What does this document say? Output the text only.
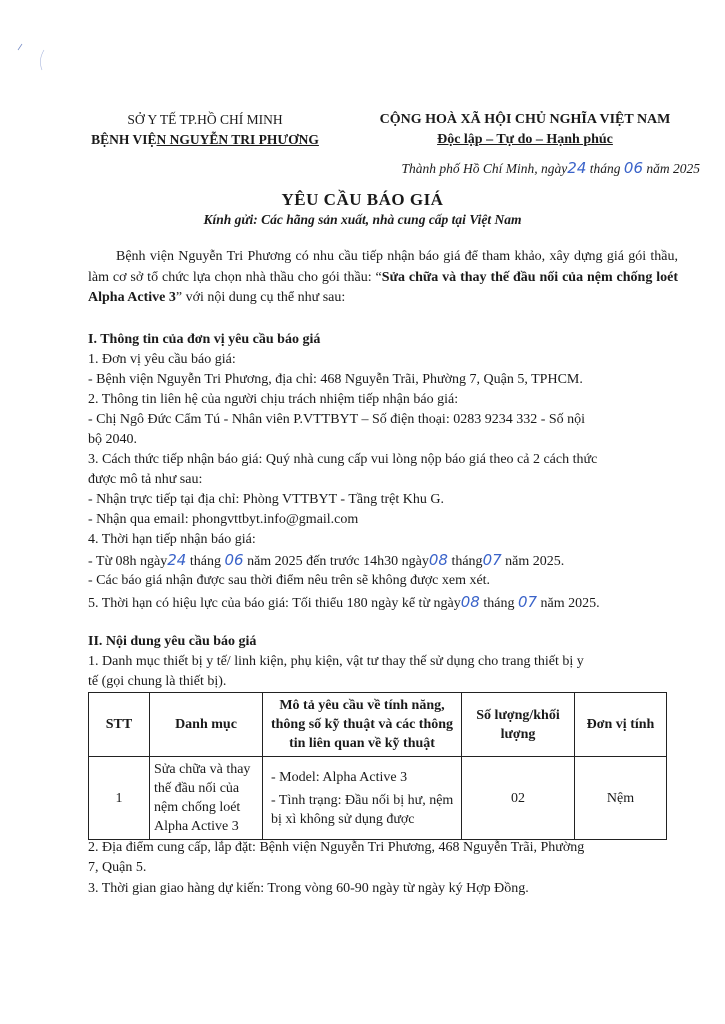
SỞ Y TẾ TP.HỒ CHÍ MINH
BỆNH VIỆN NGUYỄN TRI PHƯƠNG
CỘNG HOÀ XÃ HỘI CHỦ NGHĨA VIỆT NAM
Độc lập – Tự do – Hạnh phúc
Thành phố Hồ Chí Minh, ngày24 tháng 06 năm 2025
YÊU CẦU BÁO GIÁ
Kính gửi: Các hãng sản xuất, nhà cung cấp tại Việt Nam
Bệnh viện Nguyễn Tri Phương có nhu cầu tiếp nhận báo giá để tham khảo, xây dựng giá gói thầu, làm cơ sở tổ chức lựa chọn nhà thầu cho gói thầu: “Sửa chữa và thay thế đầu nối của nệm chống loét Alpha Active 3” với nội dung cụ thể như sau:
I. Thông tin của đơn vị yêu cầu báo giá
1. Đơn vị yêu cầu báo giá:
- Bệnh viện Nguyễn Tri Phương, địa chỉ: 468 Nguyễn Trãi, Phường 7, Quận 5, TPHCM.
2. Thông tin liên hệ của người chịu trách nhiệm tiếp nhận báo giá:
- Chị Ngô Đức Cẩm Tú - Nhân viên P.VTTBYT – Số điện thoại: 0283 9234 332 - Số nội
bộ 2040.
3. Cách thức tiếp nhận báo giá: Quý nhà cung cấp vui lòng nộp báo giá theo cả 2 cách thức
được mô tả như sau:
- Nhận trực tiếp tại địa chỉ: Phòng VTTBYT - Tầng trệt Khu G.
- Nhận qua email: phongvttbyt.info@gmail.com
4. Thời hạn tiếp nhận báo giá:
- Từ 08h ngày24 tháng 06 năm 2025 đến trước 14h30 ngày08 tháng07 năm 2025.
- Các báo giá nhận được sau thời điểm nêu trên sẽ không được xem xét.
5. Thời hạn có hiệu lực của báo giá: Tối thiểu 180 ngày kể từ ngày08 tháng 07 năm 2025.
II. Nội dung yêu cầu báo giá
1. Danh mục thiết bị y tế/ linh kiện, phụ kiện, vật tư thay thế sử dụng cho trang thiết bị y
tế (gọi chung là thiết bị).
STT	Danh mục	Mô tả yêu cầu về tính năng, thông số kỹ thuật và các thông tin liên quan về kỹ thuật	Số lượng/khối lượng	Đơn vị tính
1	Sửa chữa và thay thế đầu nối của nệm chống loét Alpha Active 3	- Model: Alpha Active 3
- Tình trạng: Đầu nối bị hư, nệm bị xì không sử dụng được	02	Nệm
2. Địa điểm cung cấp, lắp đặt: Bệnh viện Nguyễn Tri Phương, 468 Nguyễn Trãi, Phường
7, Quận 5.
3. Thời gian giao hàng dự kiến: Trong vòng 60-90 ngày từ ngày ký Hợp Đồng.
